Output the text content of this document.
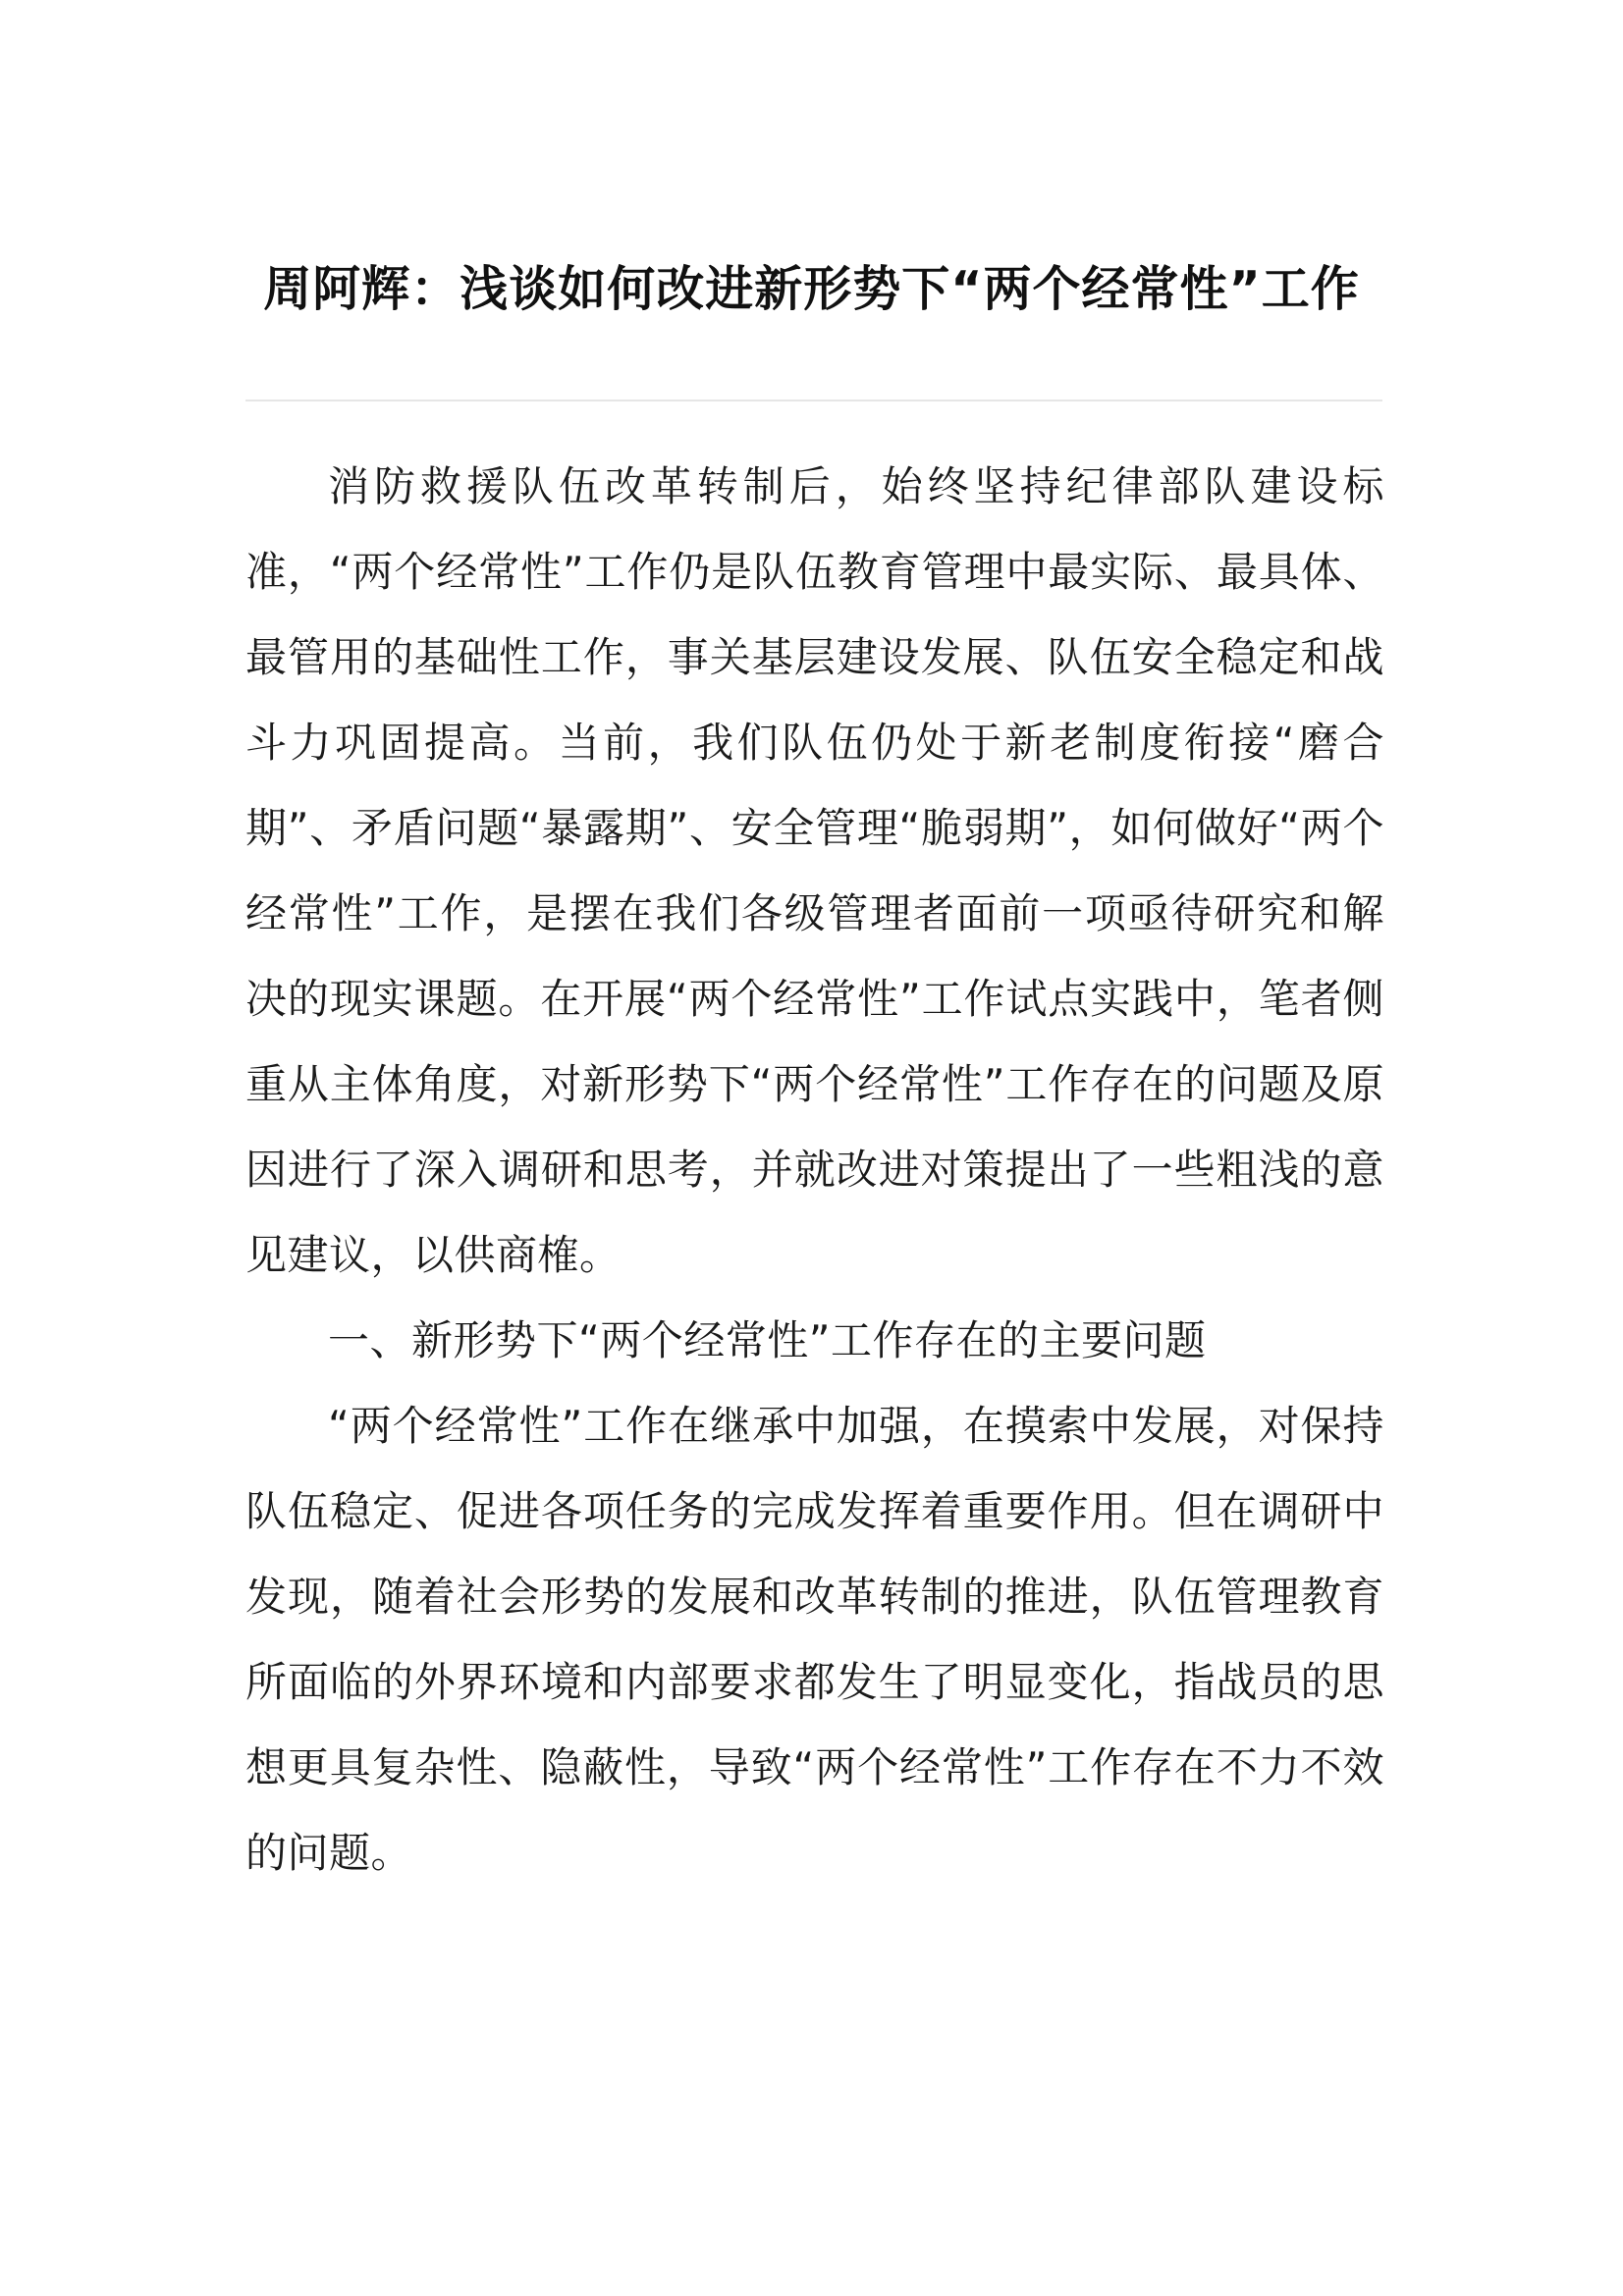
周阿辉：浅谈如何改进新形势下“两个经常性”工作

消防救援队伍改革转制后，始终坚持纪律部队建设标准，“两个经常性”工作仍是队伍教育管理中最实际、最具体、最管用的基础性工作，事关基层建设发展、队伍安全稳定和战斗力巩固提高。当前，我们队伍仍处于新老制度衔接“磨合期”、矛盾问题“暴露期”、安全管理“脆弱期”，如何做好“两个经常性”工作，是摆在我们各级管理者面前一项亟待研究和解决的现实课题。在开展“两个经常性”工作试点实践中，笔者侧重从主体角度，对新形势下“两个经常性”工作存在的问题及原因进行了深入调研和思考，并就改进对策提出了一些粗浅的意见建议，以供商榷。

一、新形势下“两个经常性”工作存在的主要问题

“两个经常性”工作在继承中加强，在摸索中发展，对保持队伍稳定、促进各项任务的完成发挥着重要作用。但在调研中发现，随着社会形势的发展和改革转制的推进，队伍管理教育所面临的外界环境和内部要求都发生了明显变化，指战员的思想更具复杂性、隐蔽性，导致“两个经常性”工作存在不力不效的问题。
